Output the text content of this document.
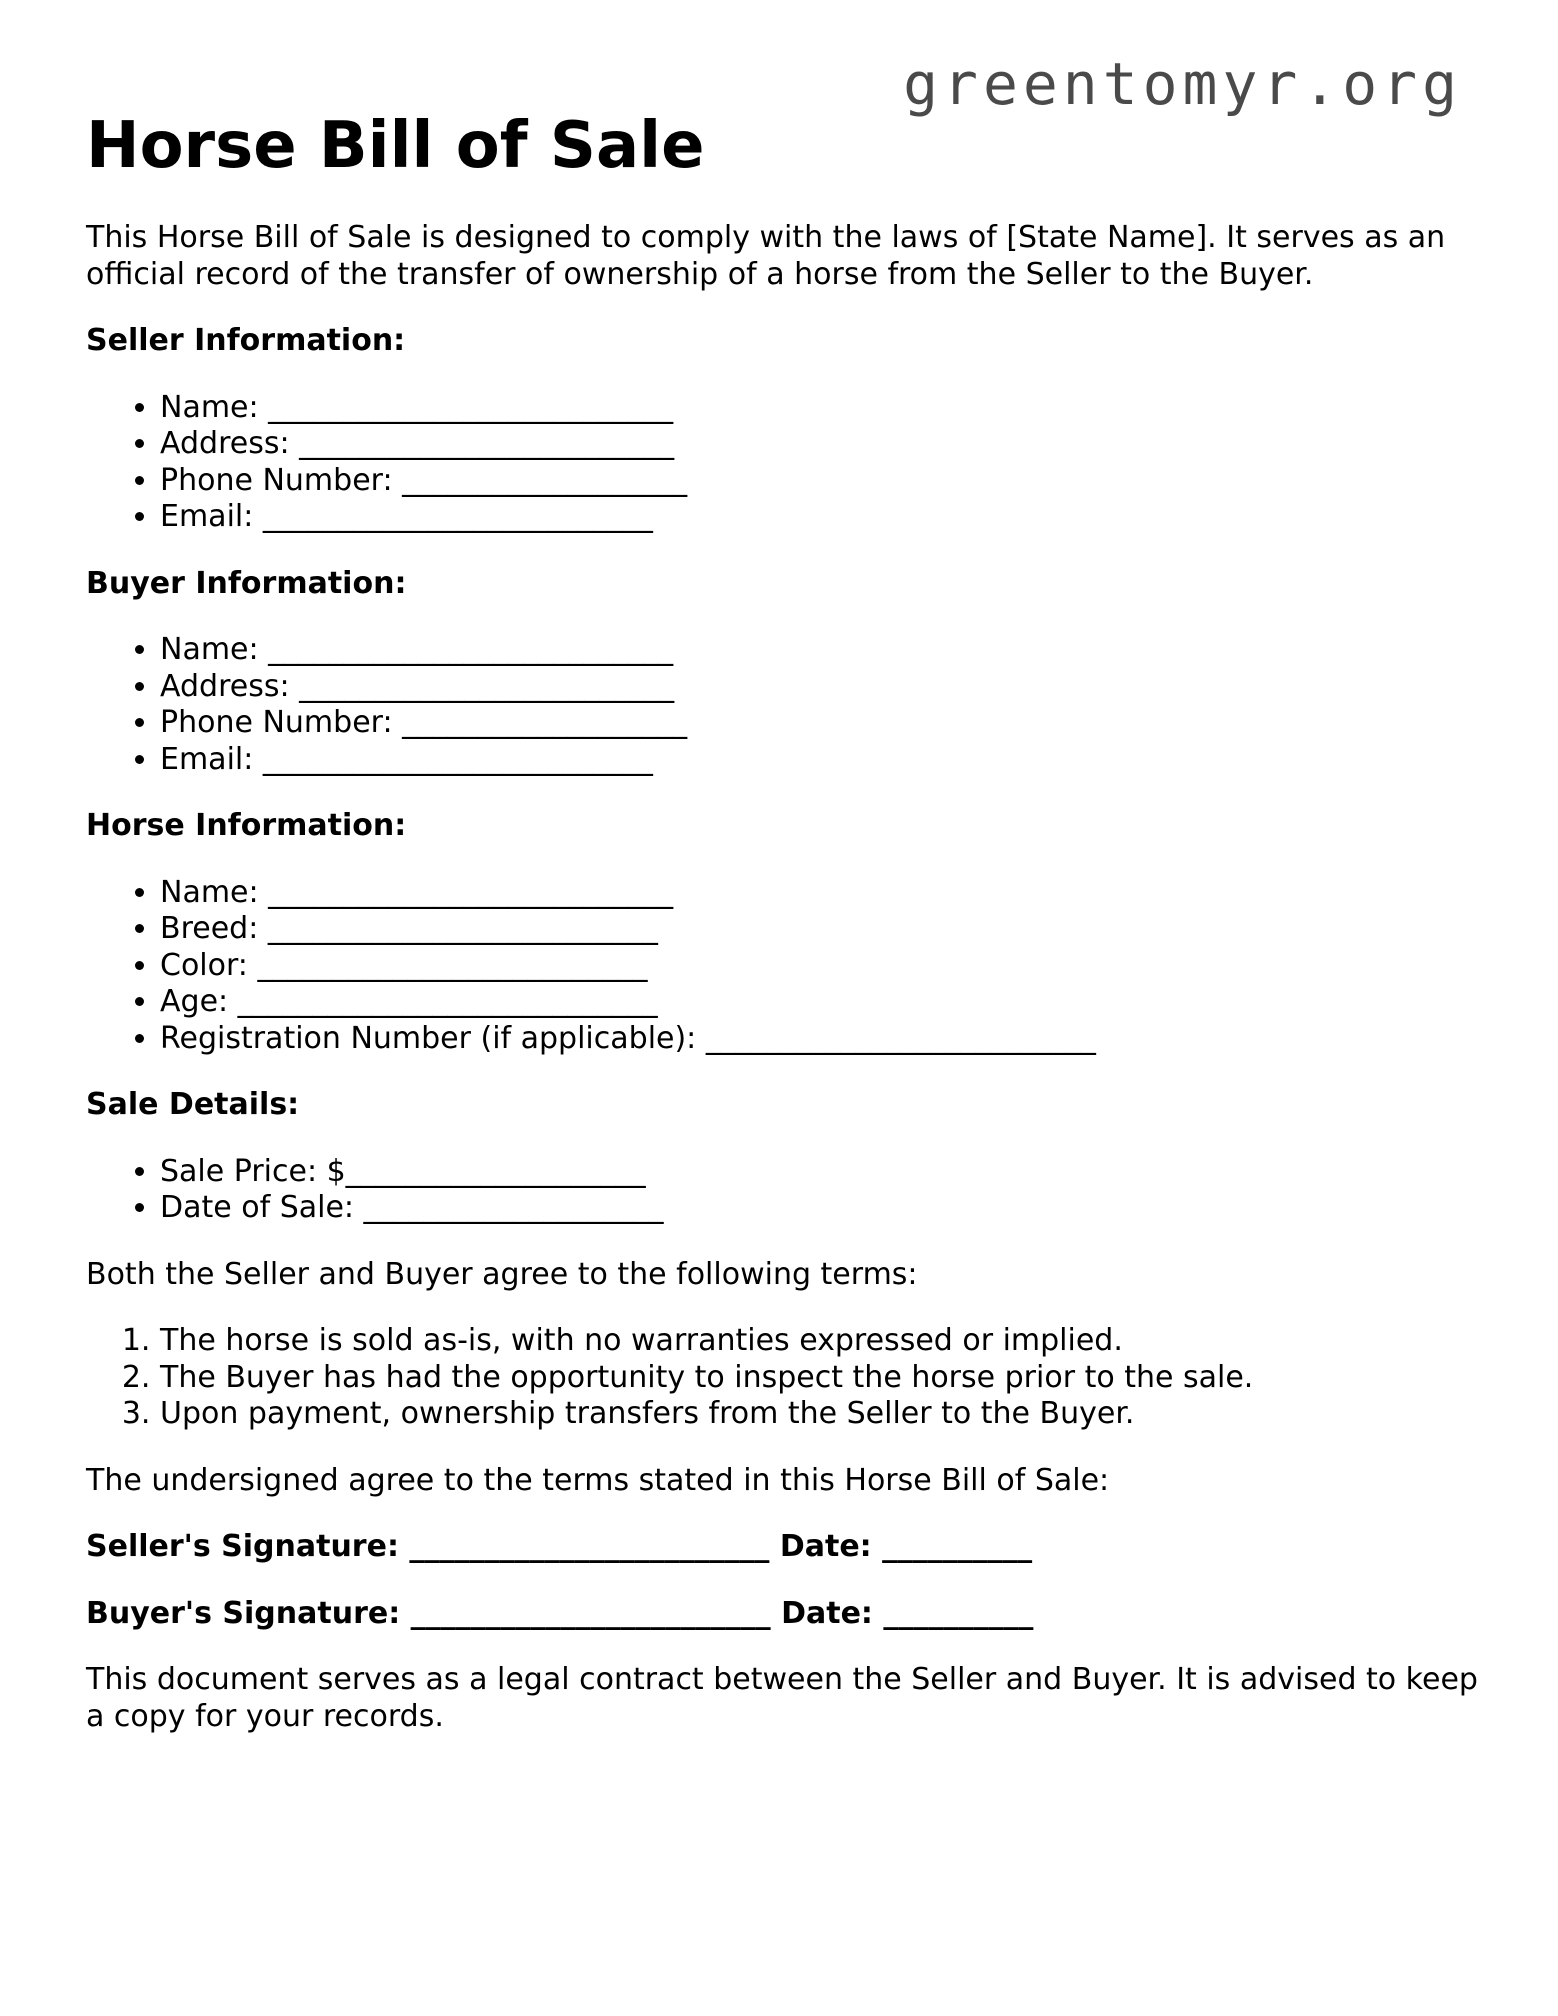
greentomyr.org
Horse Bill of Sale

This Horse Bill of Sale is designed to comply with the laws of [State Name]. It serves as an official record of the transfer of ownership of a horse from the Seller to the Buyer.

Seller Information:
• Name: ___________________________
• Address: _________________________
• Phone Number: ___________________
• Email: __________________________
Buyer Information:
• Name: ___________________________
• Address: _________________________
• Phone Number: ___________________
• Email: __________________________
Horse Information:
• Name: ___________________________
• Breed: __________________________
• Color: __________________________
• Age: ____________________________
• Registration Number (if applicable): __________________________
Sale Details:
• Sale Price: $____________________
• Date of Sale: ____________________

Both the Seller and Buyer agree to the following terms:

1. The horse is sold as-is, with no warranties expressed or implied.
2. The Buyer has had the opportunity to inspect the horse prior to the sale.
3. Upon payment, ownership transfers from the Seller to the Buyer.

The undersigned agree to the terms stated in this Horse Bill of Sale:

Seller's Signature: ________________________ Date: __________
Buyer's Signature: ________________________ Date: __________

This document serves as a legal contract between the Seller and Buyer. It is advised to keep a copy for your records.
